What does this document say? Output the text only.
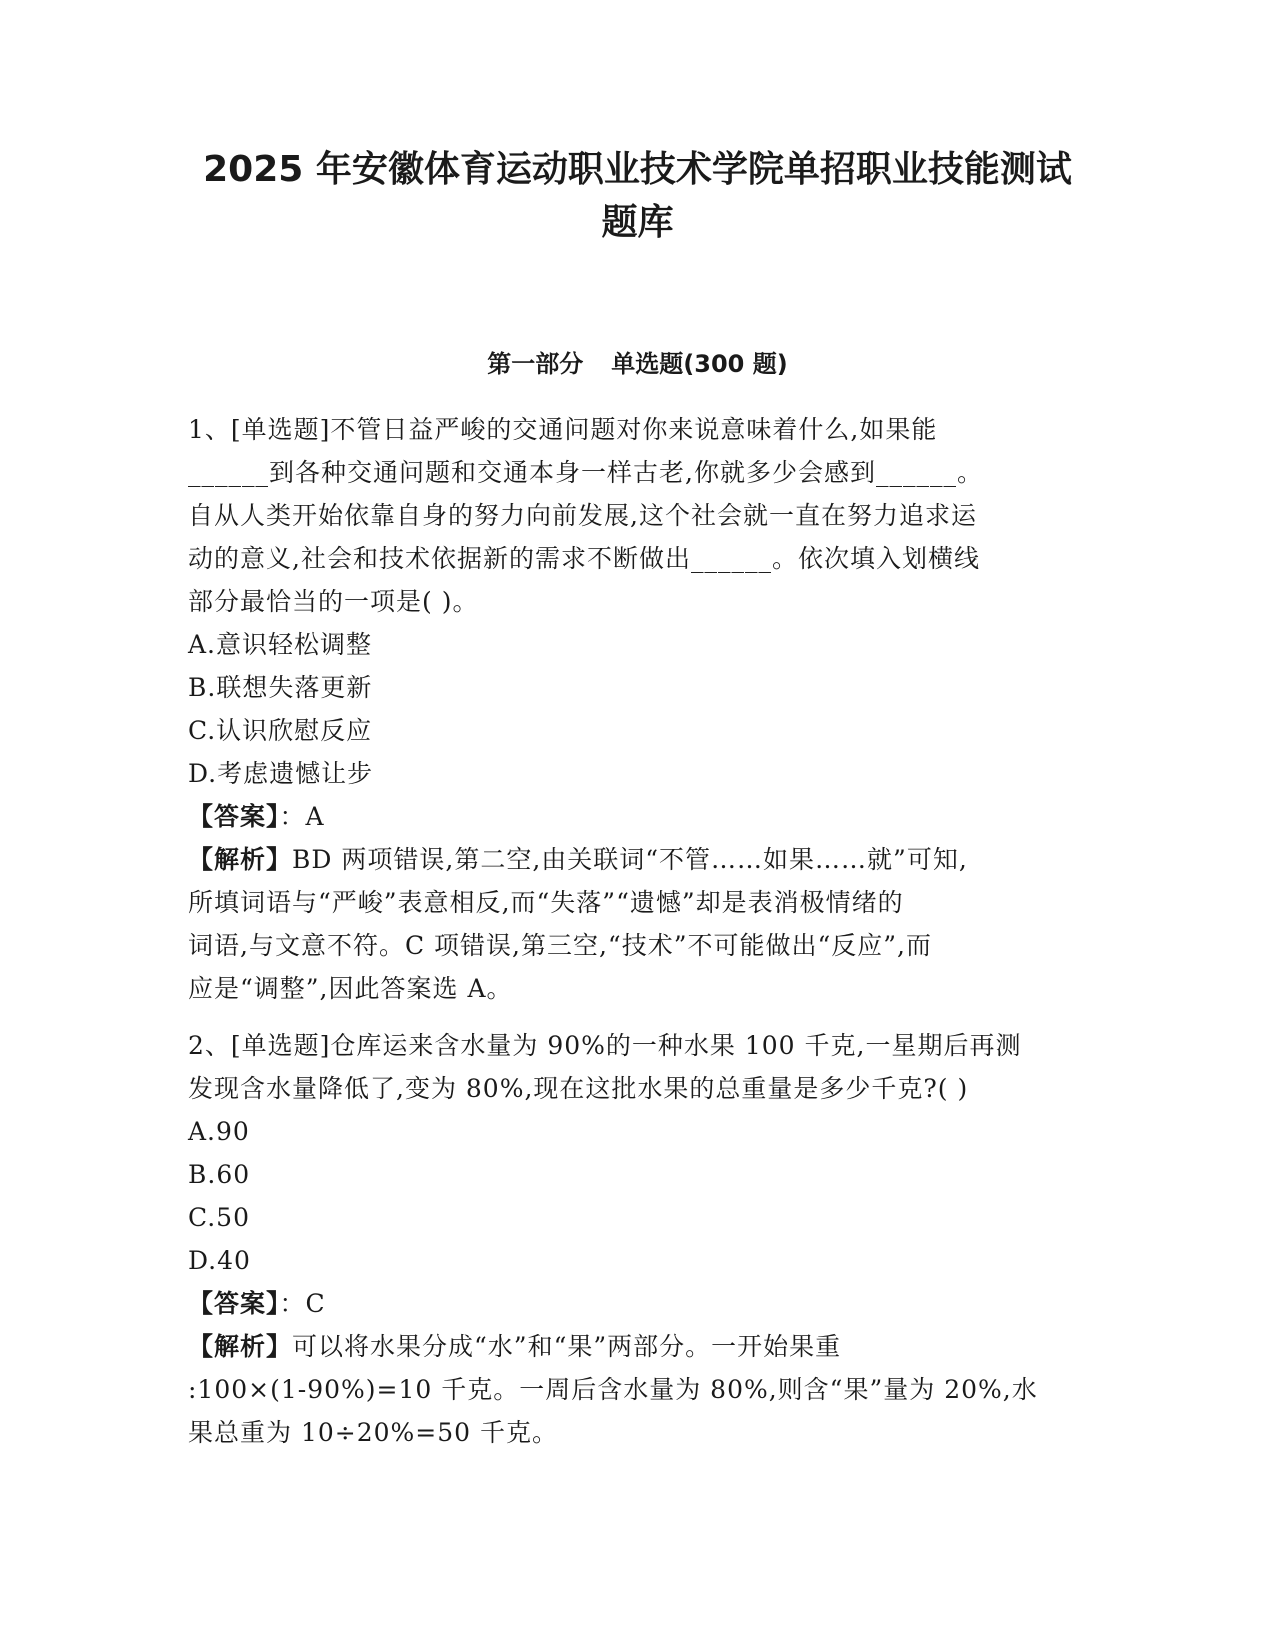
2025 年安徽体育运动职业技术学院单招职业技能测试
题库
第一部分 单选题(300 题)
1、[单选题]不管日益严峻的交通问题对你来说意味着什么,如果能
______到各种交通问题和交通本身一样古老,你就多少会感到______。
自从人类开始依靠自身的努力向前发展,这个社会就一直在努力追求运
动的意义,社会和技术依据新的需求不断做出______。依次填入划横线
部分最恰当的一项是( )。
A.意识轻松调整
B.联想失落更新
C.认识欣慰反应
D.考虑遗憾让步
【答案】：A
【解析】BD 两项错误,第二空,由关联词“不管……如果……就”可知,
所填词语与“严峻”表意相反,而“失落”“遗憾”却是表消极情绪的
词语,与文意不符。C 项错误,第三空,“技术”不可能做出“反应”,而
应是“调整”,因此答案选 A。
2、[单选题]仓库运来含水量为 90%的一种水果 100 千克,一星期后再测
发现含水量降低了,变为 80%,现在这批水果的总重量是多少千克?( )
A.90
B.60
C.50
D.40
【答案】：C
【解析】可以将水果分成“水”和“果”两部分。一开始果重
:100×(1-90%)=10 千克。一周后含水量为 80%,则含“果”量为 20%,水
果总重为 10÷20%=50 千克。
